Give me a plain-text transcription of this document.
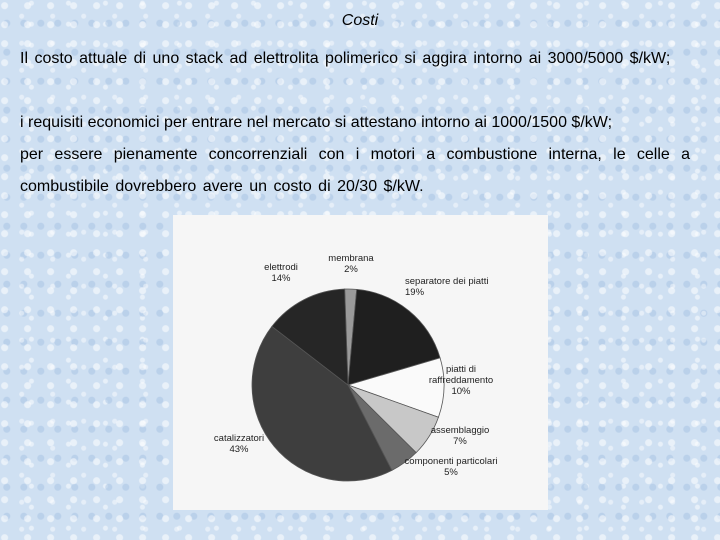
Costi
Il costo attuale di uno stack ad elettrolita polimerico si aggira intorno ai 3000/5000 $/kW;
i requisiti economici per entrare nel mercato si attestano intorno ai 1000/1500 $/kW;
per essere pienamente concorrenziali con i motori a combustione interna, le celle a combustibile dovrebbero avere un costo di 20/30 $/kW.
membrana 2%
separatore dei piatti 19%
piatti di raffreddamento 10%
assemblaggio 7%
componenti particolari 5%
catalizzatori 43%
elettrodi 14%
